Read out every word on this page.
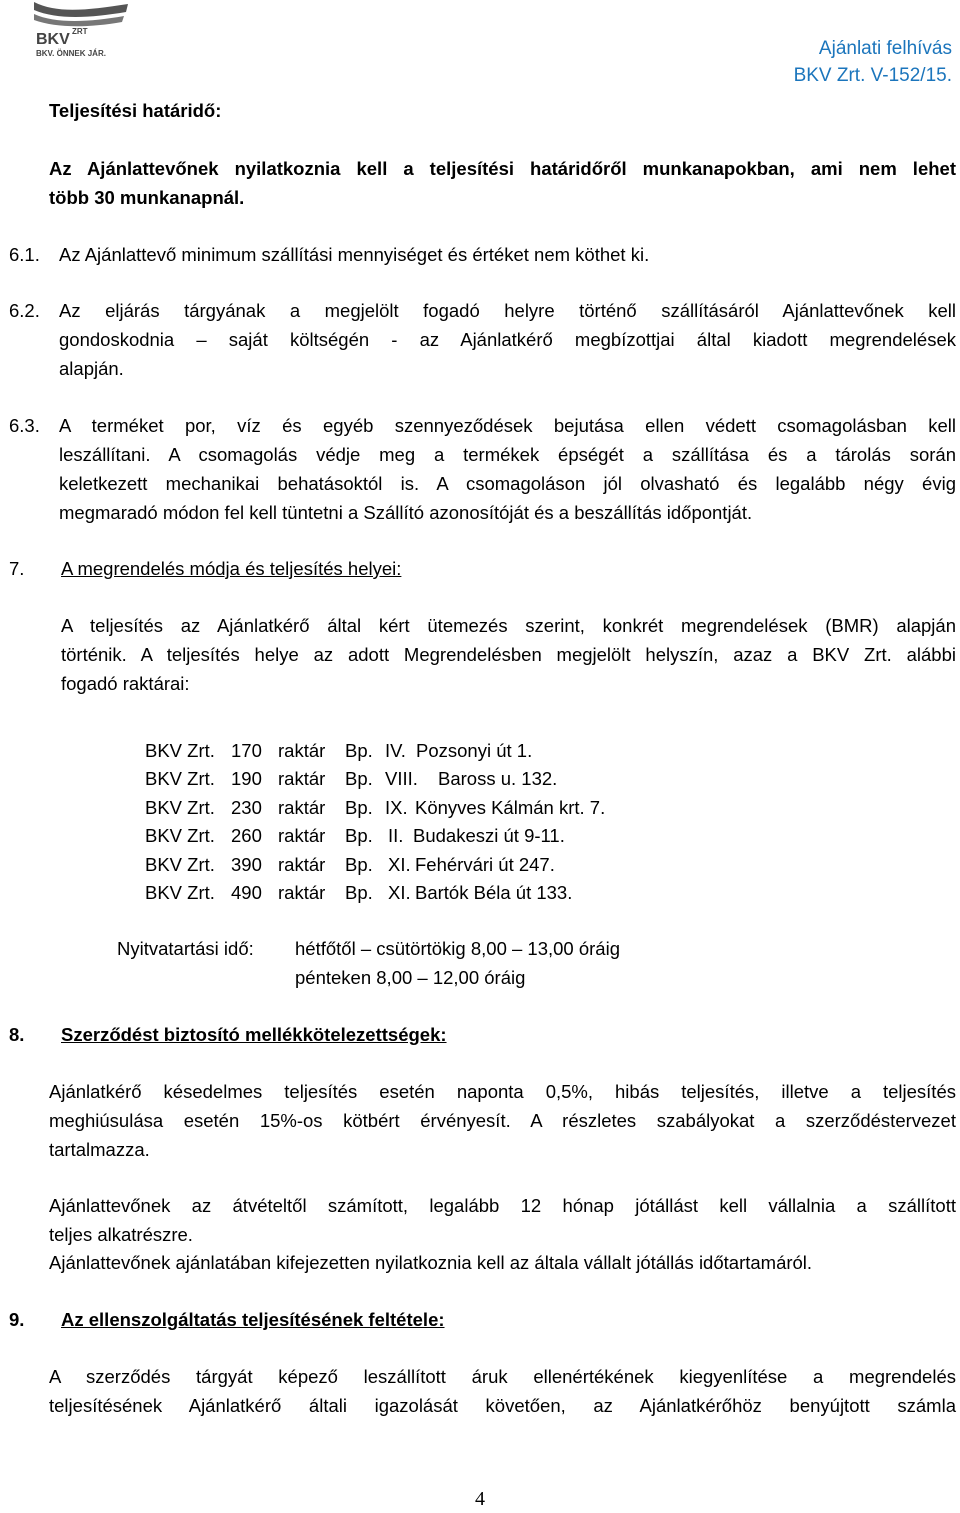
BKV ZRT
BKV. ÖNNEK JÁR.	Ajánlati felhívás
BKV Zrt. V-152/15.
Teljesítési határidő:
Az Ajánlattevőnek nyilatkoznia kell a teljesítési határidőről munkanapokban, ami nem lehet
több 30 munkanapnál.
6.1. Az Ajánlattevő minimum szállítási mennyiséget és értéket nem köthet ki.
6.2. Az eljárás tárgyának a megjelölt fogadó helyre történő szállításáról Ajánlattevőnek kell
gondoskodnia – saját költségén - az Ajánlatkérő megbízottjai által kiadott megrendelések
alapján.
6.3. A terméket por, víz és egyéb szennyeződések bejutása ellen védett csomagolásban kell
leszállítani. A csomagolás védje meg a termékek épségét a szállítása és a tárolás során
keletkezett mechanikai behatásoktól is. A csomagoláson jól olvasható és legalább négy évig
megmaradó módon fel kell tüntetni a Szállító azonosítóját és a beszállítás időpontját.
7. A megrendelés módja és teljesítés helyei:
A teljesítés az Ajánlatkérő által kért ütemezés szerint, konkrét megrendelések (BMR) alapján
történik. A teljesítés helye az adott Megrendelésben megjelölt helyszín, azaz a BKV Zrt. alábbi
fogadó raktárai:
BKV Zrt. 170 raktár Bp. IV. Pozsonyi út 1.
BKV Zrt. 190 raktár Bp. VIII. Baross u. 132.
BKV Zrt. 230 raktár Bp. IX. Könyves Kálmán krt. 7.
BKV Zrt. 260 raktár Bp. II. Budakeszi út 9-11.
BKV Zrt. 390 raktár Bp. XI. Fehérvári út 247.
BKV Zrt. 490 raktár Bp. XI. Bartók Béla út 133.
Nyitvatartási idő: hétfőtől – csütörtökig 8,00 – 13,00 óráig
pénteken 8,00 – 12,00 óráig
8. Szerződést biztosító mellékkötelezettségek:
Ajánlatkérő késedelmes teljesítés esetén naponta 0,5%, hibás teljesítés, illetve a teljesítés
meghiúsulása esetén 15%-os kötbért érvényesít. A részletes szabályokat a szerződéstervezet
tartalmazza.
Ajánlattevőnek az átvételtől számított, legalább 12 hónap jótállást kell vállalnia a szállított
teljes alkatrészre.
Ajánlattevőnek ajánlatában kifejezetten nyilatkoznia kell az általa vállalt jótállás időtartamáról.
9. Az ellenszolgáltatás teljesítésének feltétele:
A szerződés tárgyát képező leszállított áruk ellenértékének kiegyenlítése a megrendelés
teljesítésének Ajánlatkérő általi igazolását követően, az Ajánlatkérőhöz benyújtott számla
4
